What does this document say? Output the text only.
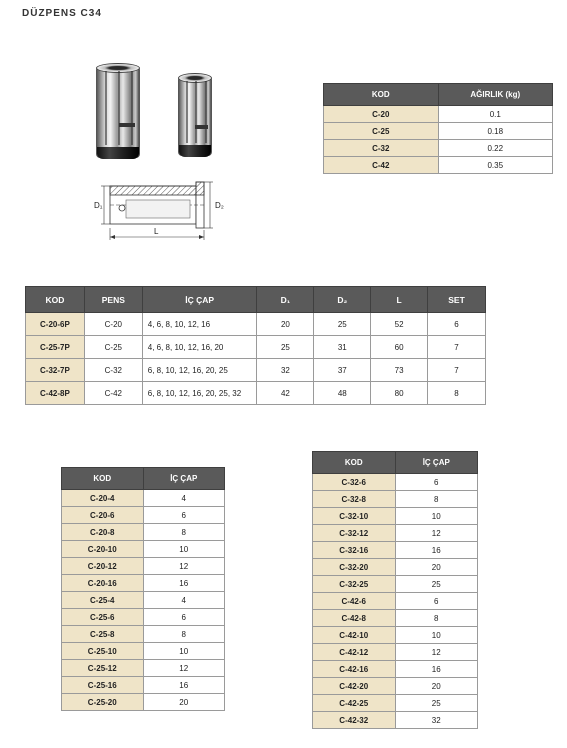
DÜZPENS C34
D₁	D₂
L
KOD	AĞIRLIK (kg)
C-20	0.1
C-25	0.18
C-32	0.22
C-42	0.35
KOD	PENS	İÇ ÇAP	D₁	D₂	L	SET
C-20-6P	C-20	4, 6, 8, 10, 12, 16	20	25	52	6
C-25-7P	C-25	4, 6, 8, 10, 12, 16, 20	25	31	60	7
C-32-7P	C-32	6, 8, 10, 12, 16, 20, 25	32	37	73	7
C-42-8P	C-42	6, 8, 10, 12, 16, 20, 25, 32	42	48	80	8
KOD	İÇ ÇAP
C-20-4	4
C-20-6	6
C-20-8	8
C-20-10	10
C-20-12	12
C-20-16	16
C-25-4	4
C-25-6	6
C-25-8	8
C-25-10	10
C-25-12	12
C-25-16	16
C-25-20	20
KOD	İÇ ÇAP
C-32-6	6
C-32-8	8
C-32-10	10
C-32-12	12
C-32-16	16
C-32-20	20
C-32-25	25
C-42-6	6
C-42-8	8
C-42-10	10
C-42-12	12
C-42-16	16
C-42-20	20
C-42-25	25
C-42-32	32
